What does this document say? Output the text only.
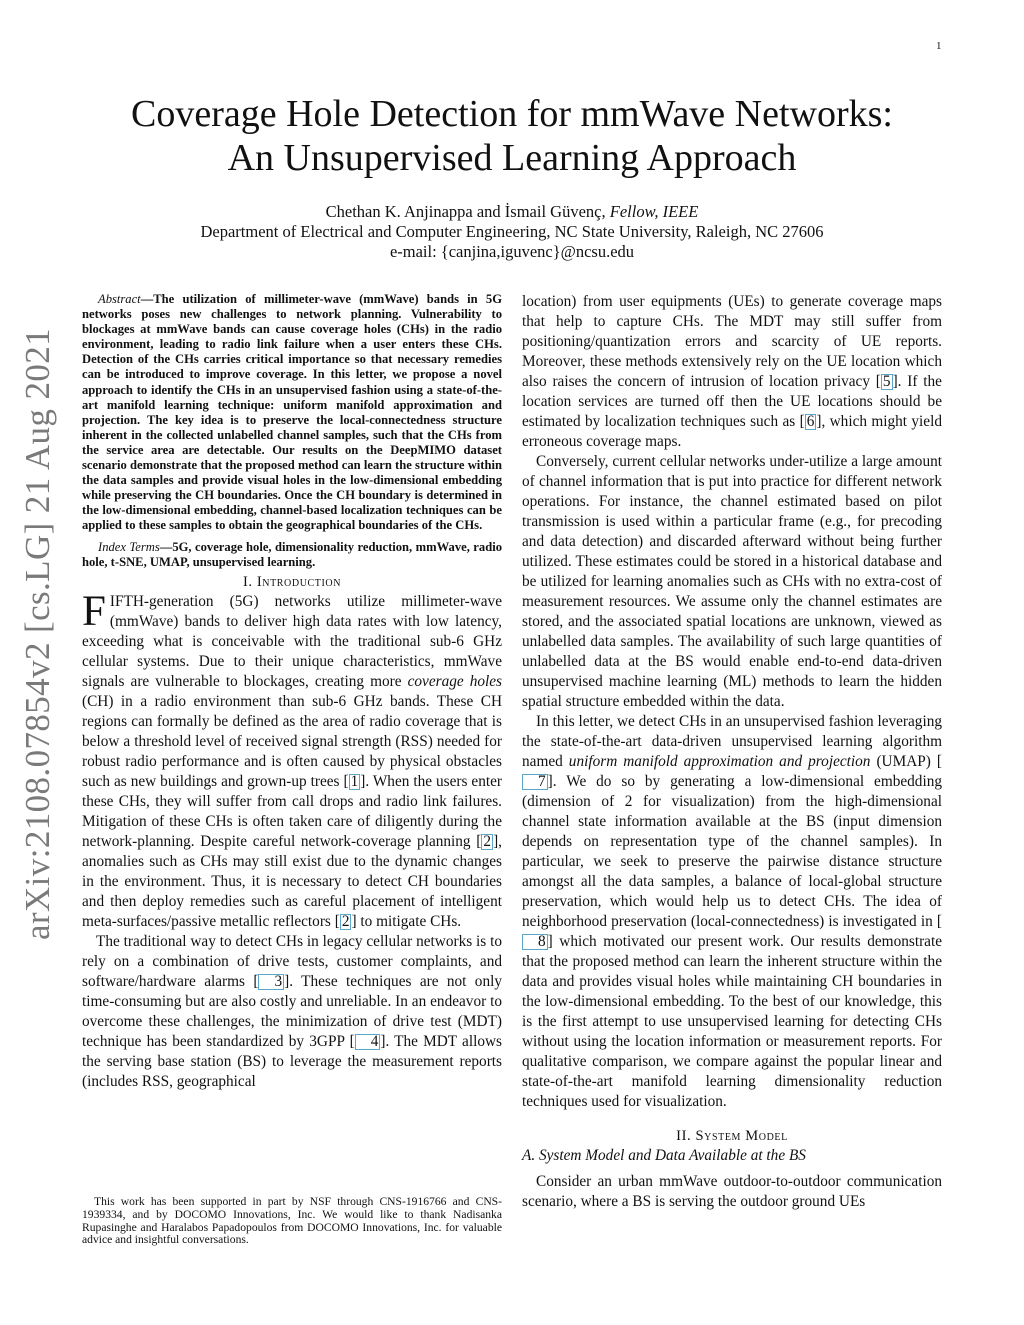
1
arXiv:2108.07854v2 [cs.LG] 21 Aug 2021
Coverage Hole Detection for mmWave Networks:
An Unsupervised Learning Approach
Chethan K. Anjinappa and İsmail Güvenç, Fellow, IEEE
Department of Electrical and Computer Engineering, NC State University, Raleigh, NC 27606
e-mail: {canjina,iguvenc}@ncsu.edu

Abstract—The utilization of millimeter-wave (mmWave) bands in 5G networks poses new challenges to network planning. Vulnerability to blockages at mmWave bands can cause coverage holes (CHs) in the radio environment, leading to radio link failure when a user enters these CHs. Detection of the CHs carries critical importance so that necessary remedies can be introduced to improve coverage. In this letter, we propose a novel approach to identify the CHs in an unsupervised fashion using a state-of-the-art manifold learning technique: uniform manifold approximation and projection. The key idea is to preserve the local-connectedness structure inherent in the collected unlabelled channel samples, such that the CHs from the service area are detectable. Our results on the DeepMIMO dataset scenario demonstrate that the proposed method can learn the structure within the data samples and provide visual holes in the low-dimensional embedding while preserving the CH boundaries. Once the CH boundary is determined in the low-dimensional embedding, channel-based localization techniques can be applied to these samples to obtain the geographical boundaries of the CHs.

Index Terms—5G, coverage hole, dimensionality reduction, mmWave, radio hole, t-SNE, UMAP, unsupervised learning.

I. Introduction

FIFTH-generation (5G) networks utilize millimeter-wave (mmWave) bands to deliver high data rates with low latency, exceeding what is conceivable with the traditional sub-6 GHz cellular systems. Due to their unique characteristics, mmWave signals are vulnerable to blockages, creating more coverage holes (CH) in a radio environment than sub-6 GHz bands. These CH regions can formally be defined as the area of radio coverage that is below a threshold level of received signal strength (RSS) needed for robust radio performance and is often caused by physical obstacles such as new buildings and grown-up trees [ 1 ]. When the users enter these CHs, they will suffer from call drops and radio link failures. Mitigation of these CHs is often taken care of diligently during the network-planning. Despite careful network-coverage planning [ 2 ], anomalies such as CHs may still exist due to the dynamic changes in the environment. Thus, it is necessary to detect CH boundaries and then deploy remedies such as careful placement of intelligent meta-surfaces/passive metallic reflectors [ 2 ] to mitigate CHs.

The traditional way to detect CHs in legacy cellular networks is to rely on a combination of drive tests, customer complaints, and software/hardware alarms [ 3 ]. These techniques are not only time-consuming but are also costly and unreliable. In an endeavor to overcome these challenges, the minimization of drive test (MDT) technique has been standardized by 3GPP [ 4 ]. The MDT allows the serving base station (BS) to leverage the measurement reports (includes RSS, geographical

This work has been supported in part by NSF through CNS-1916766 and CNS-1939334, and by DOCOMO Innovations, Inc. We would like to thank Nadisanka Rupasinghe and Haralabos Papadopoulos from DOCOMO Innovations, Inc. for valuable advice and insightful conversations.

location) from user equipments (UEs) to generate coverage maps that help to capture CHs. The MDT may still suffer from positioning/quantization errors and scarcity of UE reports. Moreover, these methods extensively rely on the UE location which also raises the concern of intrusion of location privacy [ 5 ]. If the location services are turned off then the UE locations should be estimated by localization techniques such as [ 6 ], which might yield erroneous coverage maps.

Conversely, current cellular networks under-utilize a large amount of channel information that is put into practice for different network operations. For instance, the channel estimated based on pilot transmission is used within a particular frame (e.g., for precoding and data detection) and discarded afterward without being further utilized. These estimates could be stored in a historical database and be utilized for learning anomalies such as CHs with no extra-cost of measurement resources. We assume only the channel estimates are stored, and the associated spatial locations are unknown, viewed as unlabelled data samples. The availability of such large quantities of unlabelled data at the BS would enable end-to-end data-driven unsupervised machine learning (ML) methods to learn the hidden spatial structure embedded within the data.

In this letter, we detect CHs in an unsupervised fashion leveraging the state-of-the-art data-driven unsupervised learning algorithm named uniform manifold approximation and projection (UMAP) [7 ]. We do so by generating a low-dimensional embedding (dimension of 2 for visualization) from the high-dimensional channel state information available at the BS (input dimension depends on representation type of the channel samples). In particular, we seek to preserve the pairwise distance structure amongst all the data samples, a balance of local-global structure preservation, which would help us to detect CHs. The idea of neighborhood preservation (local-connectedness) is investigated in [8 ] which motivated our present work. Our results demonstrate that the proposed method can learn the inherent structure within the data and provides visual holes while maintaining CH boundaries in the low-dimensional embedding. To the best of our knowledge, this is the first attempt to use unsupervised learning for detecting CHs without using the location information or measurement reports. For qualitative comparison, we compare against the popular linear and state-of-the-art manifold learning dimensionality reduction techniques used for visualization.

II. System Model

A. System Model and Data Available at the BS

Consider an urban mmWave outdoor-to-outdoor communication scenario, where a BS is serving the outdoor ground UEs
